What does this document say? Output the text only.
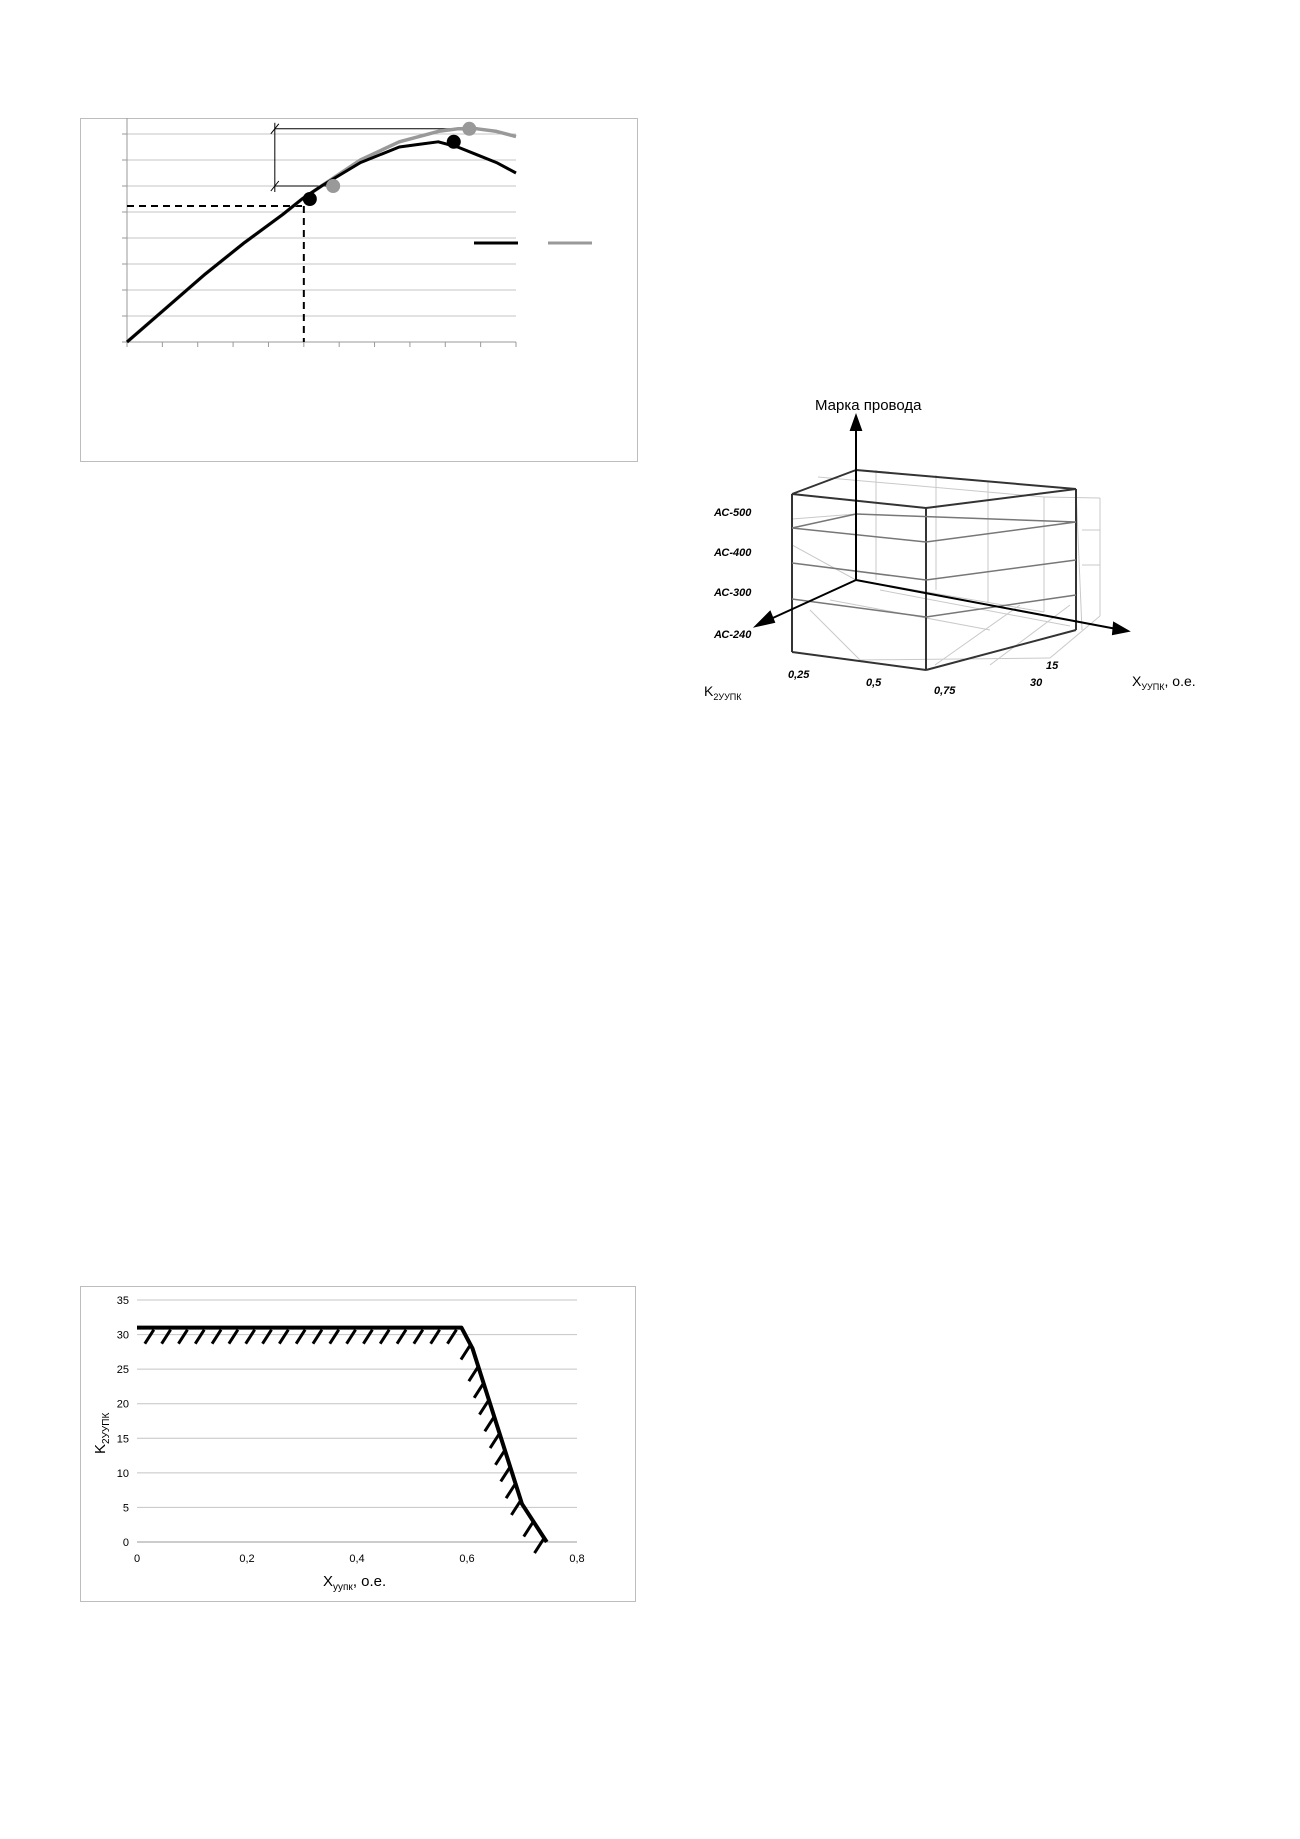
Марка провода
АС-500
АС-400
АС-300
АС-240
0,25
0,5
0,75
15
30
$K_{2УУПК}$
$X_{УУПК}$, о.е.
0
5
10
15
20
25
30
35
0	0,2	0,4	0,6	0,8
$X_{уупк}$, о.е.
$K_{2УУПК}$
